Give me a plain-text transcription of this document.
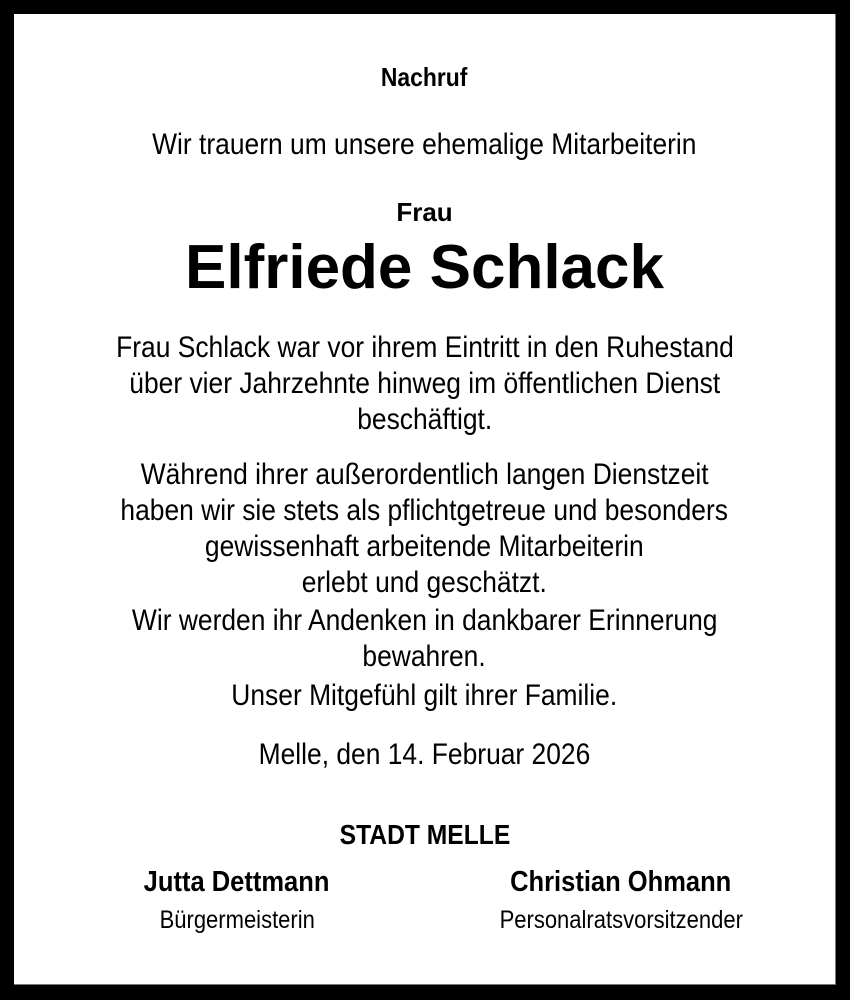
Nachruf
Wir trauern um unsere ehemalige Mitarbeiterin
Frau
Elfriede Schlack
Frau Schlack war vor ihrem Eintritt in den Ruhestand
über vier Jahrzehnte hinweg im öffentlichen Dienst
beschäftigt.
Während ihrer außerordentlich langen Dienstzeit
haben wir sie stets als pflichtgetreue und besonders
gewissenhaft arbeitende Mitarbeiterin
erlebt und geschätzt.
Wir werden ihr Andenken in dankbarer Erinnerung
bewahren.
Unser Mitgefühl gilt ihrer Familie.
Melle, den 14. Februar 2026
STADT MELLE
Jutta Dettmann
Bürgermeisterin
Christian Ohmann
Personalratsvorsitzender
